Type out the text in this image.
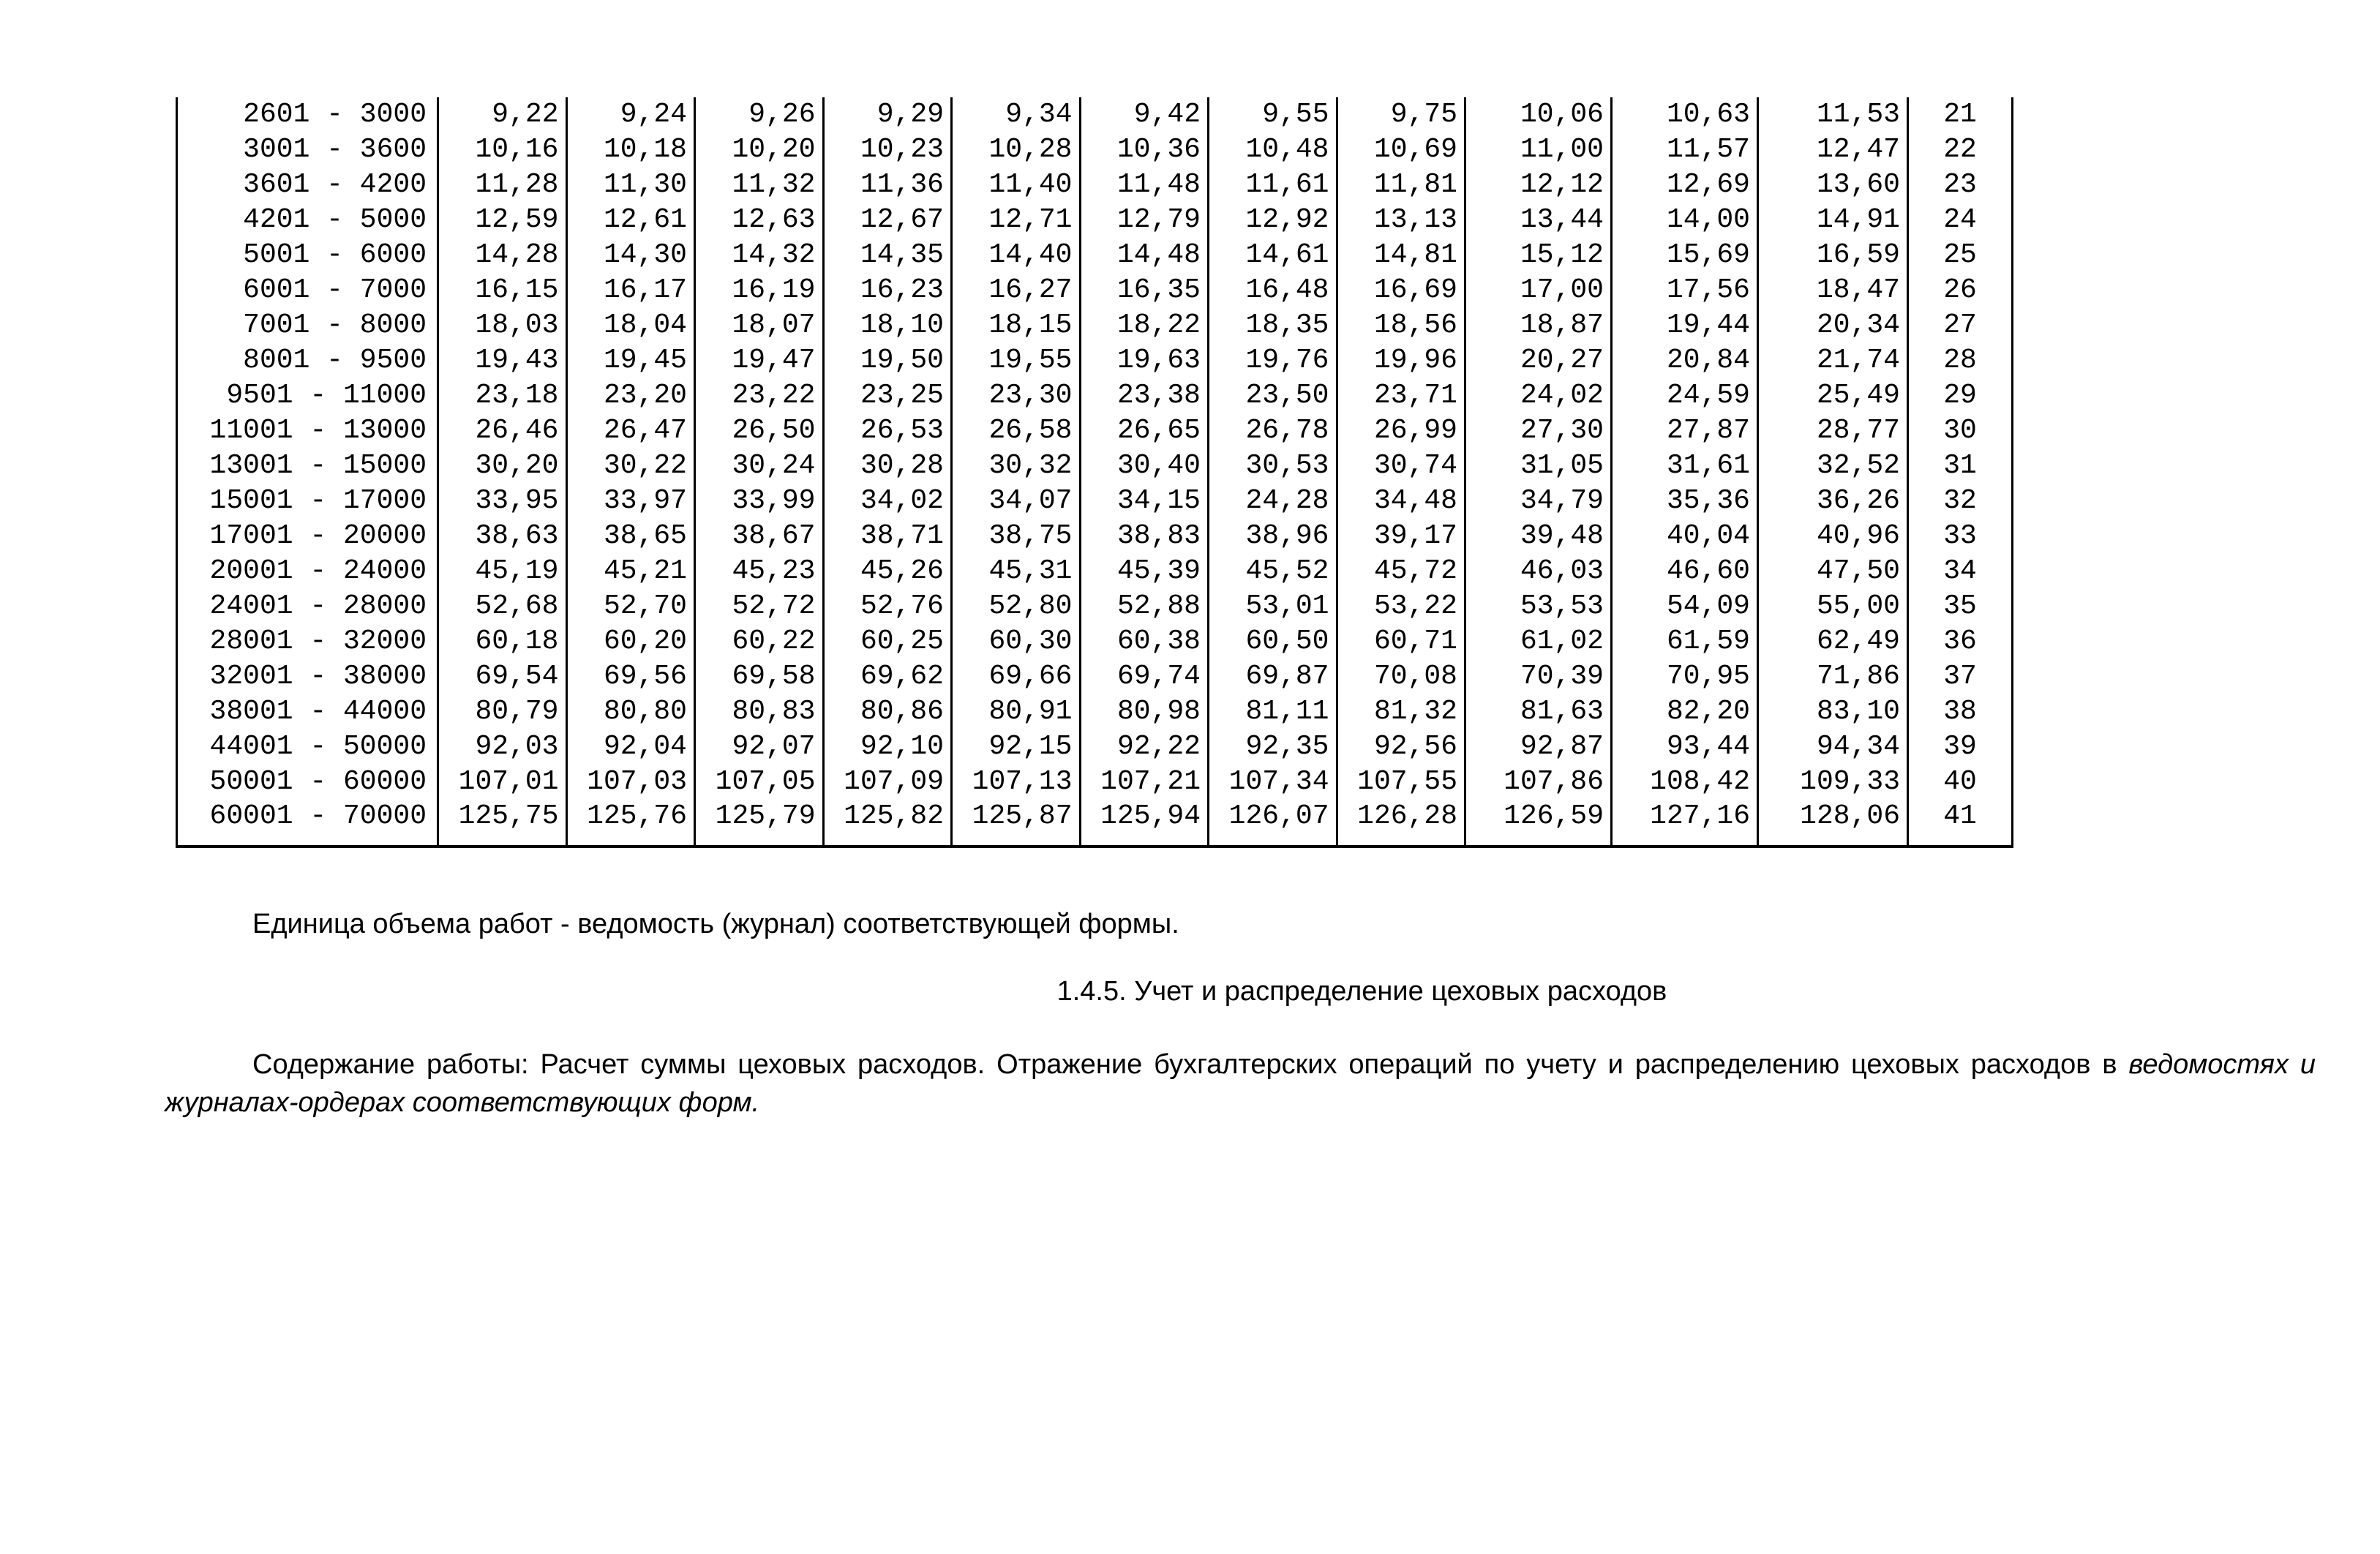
2601 - 3000	9,22	9,24	9,26	9,29	9,34	9,42	9,55	9,75	10,06	10,63	11,53	21
3001 - 3600	10,16	10,18	10,20	10,23	10,28	10,36	10,48	10,69	11,00	11,57	12,47	22
3601 - 4200	11,28	11,30	11,32	11,36	11,40	11,48	11,61	11,81	12,12	12,69	13,60	23
4201 - 5000	12,59	12,61	12,63	12,67	12,71	12,79	12,92	13,13	13,44	14,00	14,91	24
5001 - 6000	14,28	14,30	14,32	14,35	14,40	14,48	14,61	14,81	15,12	15,69	16,59	25
6001 - 7000	16,15	16,17	16,19	16,23	16,27	16,35	16,48	16,69	17,00	17,56	18,47	26
7001 - 8000	18,03	18,04	18,07	18,10	18,15	18,22	18,35	18,56	18,87	19,44	20,34	27
8001 - 9500	19,43	19,45	19,47	19,50	19,55	19,63	19,76	19,96	20,27	20,84	21,74	28
9501 - 11000	23,18	23,20	23,22	23,25	23,30	23,38	23,50	23,71	24,02	24,59	25,49	29
11001 - 13000	26,46	26,47	26,50	26,53	26,58	26,65	26,78	26,99	27,30	27,87	28,77	30
13001 - 15000	30,20	30,22	30,24	30,28	30,32	30,40	30,53	30,74	31,05	31,61	32,52	31
15001 - 17000	33,95	33,97	33,99	34,02	34,07	34,15	24,28	34,48	34,79	35,36	36,26	32
17001 - 20000	38,63	38,65	38,67	38,71	38,75	38,83	38,96	39,17	39,48	40,04	40,96	33
20001 - 24000	45,19	45,21	45,23	45,26	45,31	45,39	45,52	45,72	46,03	46,60	47,50	34
24001 - 28000	52,68	52,70	52,72	52,76	52,80	52,88	53,01	53,22	53,53	54,09	55,00	35
28001 - 32000	60,18	60,20	60,22	60,25	60,30	60,38	60,50	60,71	61,02	61,59	62,49	36
32001 - 38000	69,54	69,56	69,58	69,62	69,66	69,74	69,87	70,08	70,39	70,95	71,86	37
38001 - 44000	80,79	80,80	80,83	80,86	80,91	80,98	81,11	81,32	81,63	82,20	83,10	38
44001 - 50000	92,03	92,04	92,07	92,10	92,15	92,22	92,35	92,56	92,87	93,44	94,34	39
50001 - 60000	107,01	107,03	107,05	107,09	107,13	107,21	107,34	107,55	107,86	108,42	109,33	40
60001 - 70000	125,75	125,76	125,79	125,82	125,87	125,94	126,07	126,28	126,59	127,16	128,06	41

Единица объема работ - ведомость (журнал) соответствующей формы.

1.4.5. Учет и распределение цеховых расходов

Содержание работы: Расчет суммы цеховых расходов. Отражение бухгалтерских операций по учету и распределению цеховых расходов в ведомостях и журналах-ордерах соответствующих форм.
